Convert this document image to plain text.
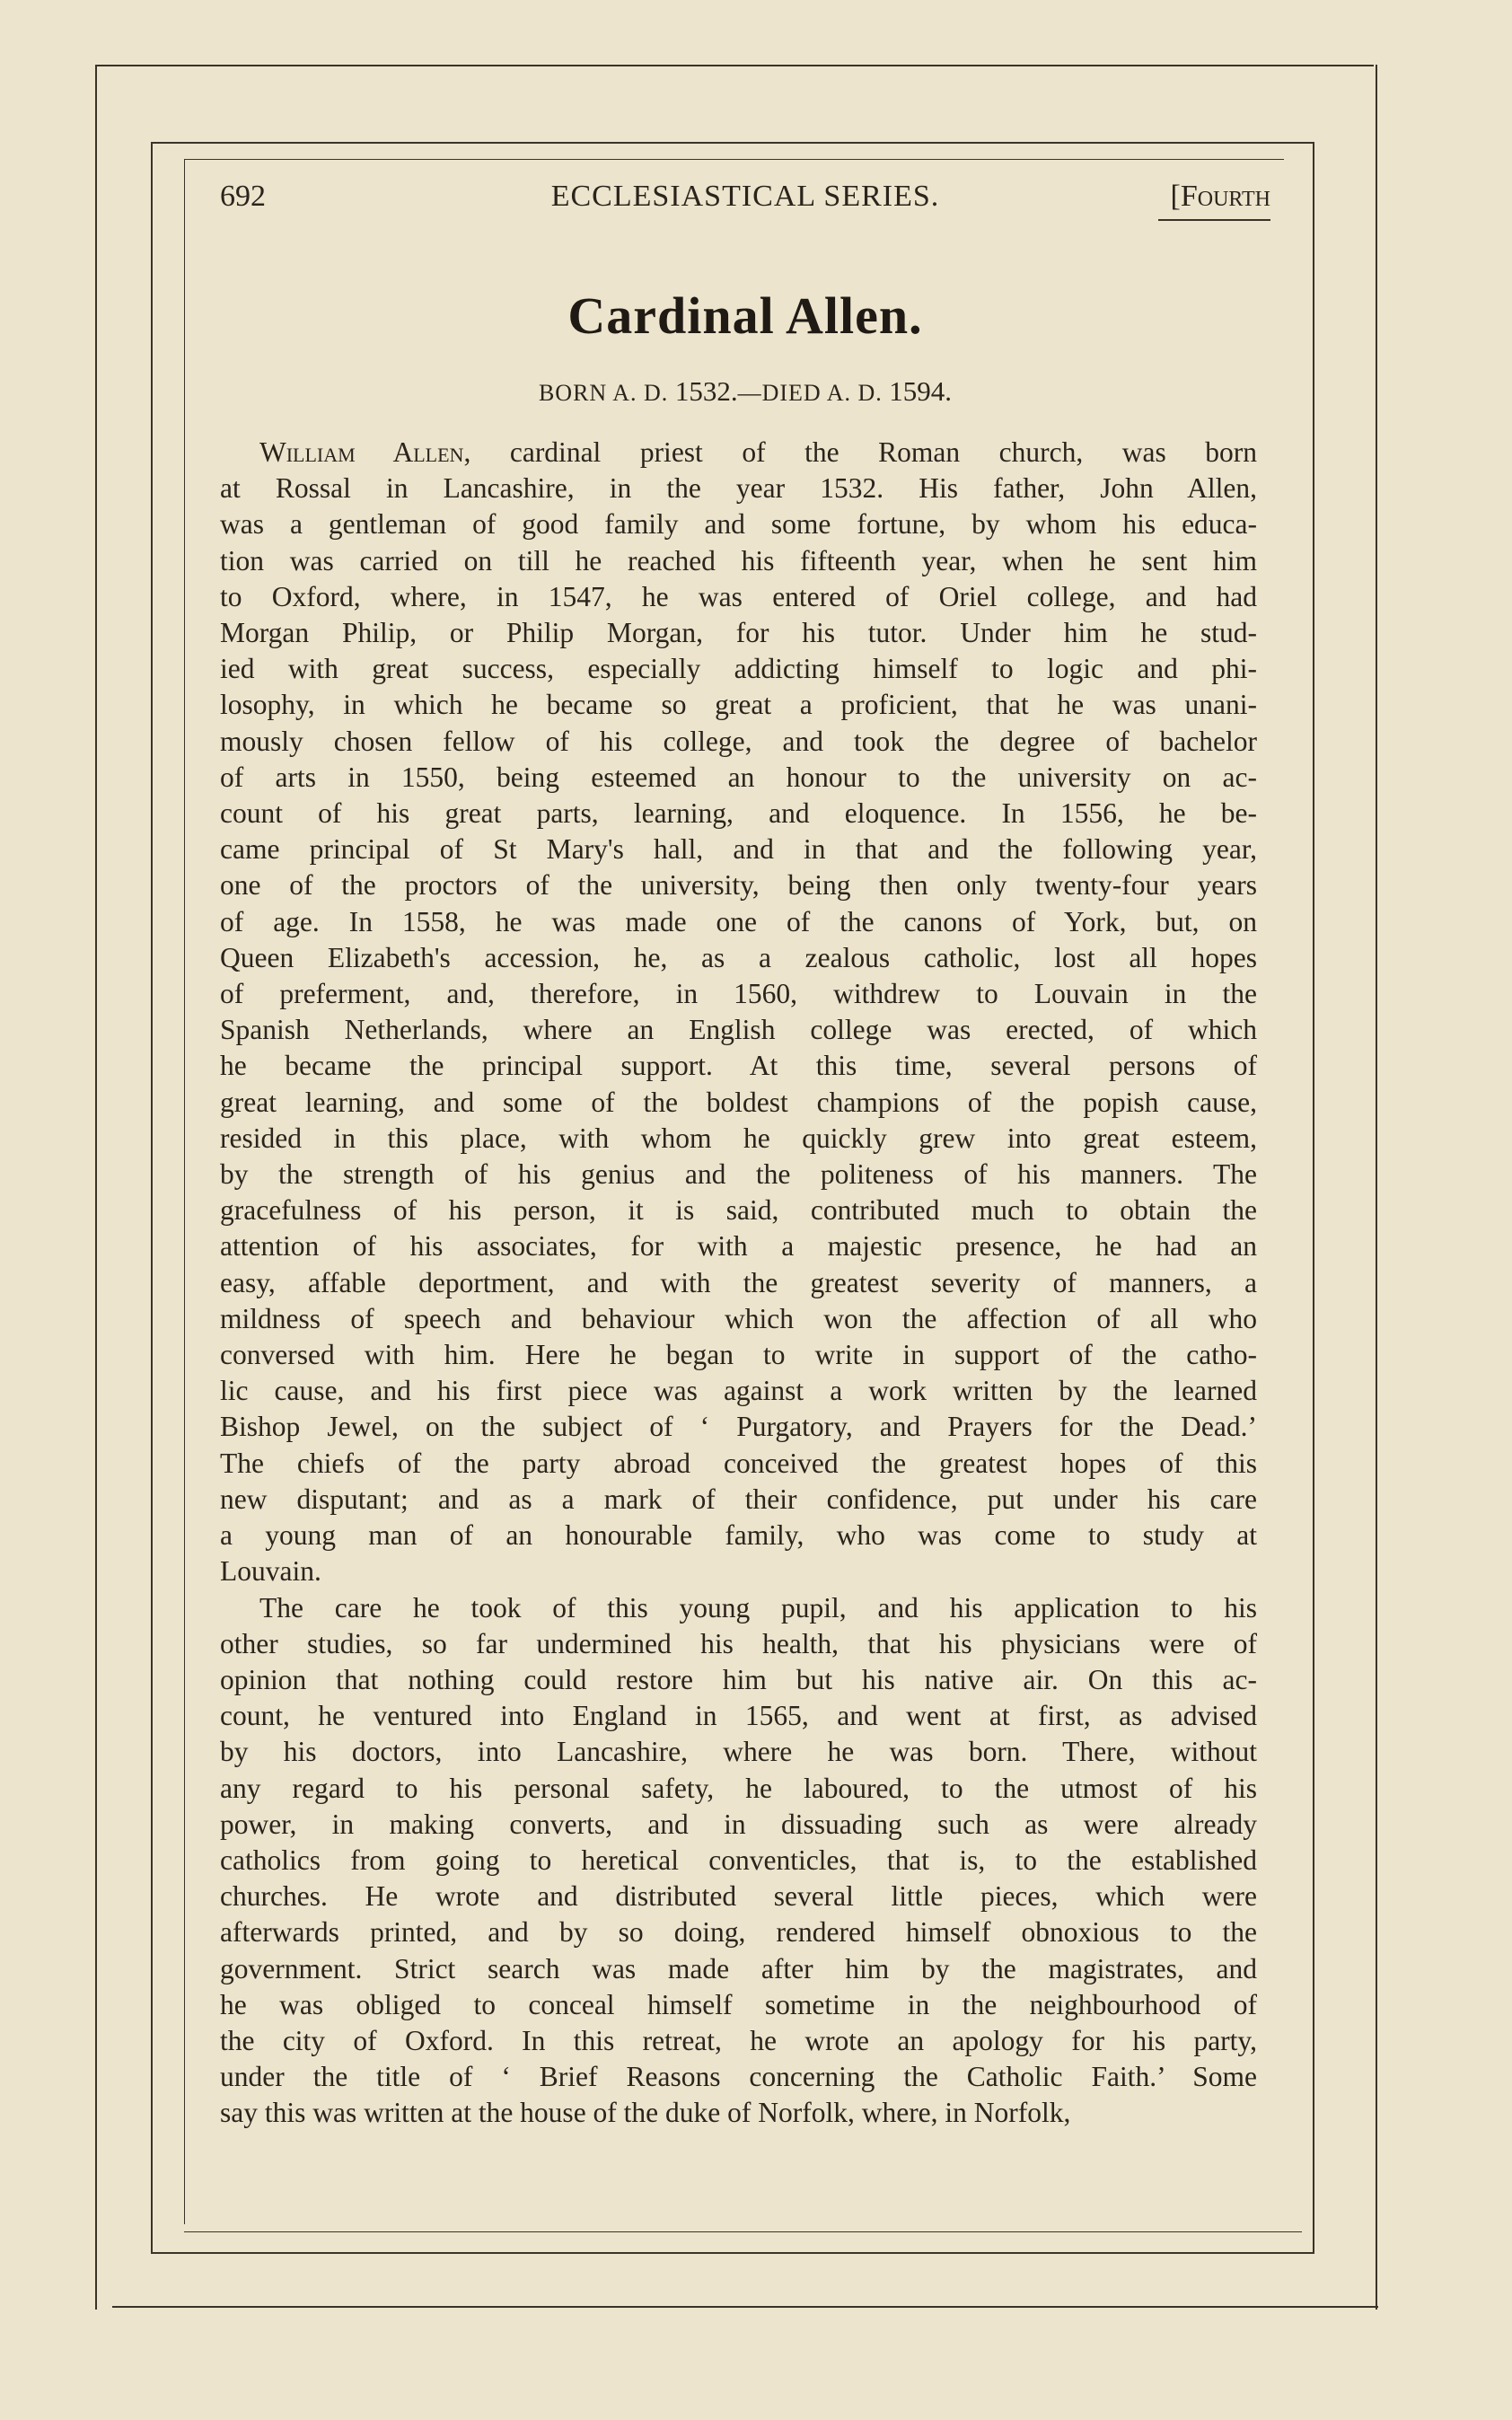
692	ECCLESIASTICAL SERIES.	[Fourth
Cardinal Allen.
BORN A. D. 1532.—DIED A. D. 1594.

William Allen, cardinal priest of the Roman church, was born
at Rossal in Lancashire, in the year 1532. His father, John Allen,
was a gentleman of good family and some fortune, by whom his educa-
tion was carried on till he reached his fifteenth year, when he sent him
to Oxford, where, in 1547, he was entered of Oriel college, and had
Morgan Philip, or Philip Morgan, for his tutor. Under him he stud-
ied with great success, especially addicting himself to logic and phi-
losophy, in which he became so great a proficient, that he was unani-
mously chosen fellow of his college, and took the degree of bachelor
of arts in 1550, being esteemed an honour to the university on ac-
count of his great parts, learning, and eloquence. In 1556, he be-
came principal of St Mary's hall, and in that and the following year,
one of the proctors of the university, being then only twenty-four years
of age. In 1558, he was made one of the canons of York, but, on
Queen Elizabeth's accession, he, as a zealous catholic, lost all hopes
of preferment, and, therefore, in 1560, withdrew to Louvain in the
Spanish Netherlands, where an English college was erected, of which
he became the principal support. At this time, several persons of
great learning, and some of the boldest champions of the popish cause,
resided in this place, with whom he quickly grew into great esteem,
by the strength of his genius and the politeness of his manners. The
gracefulness of his person, it is said, contributed much to obtain the
attention of his associates, for with a majestic presence, he had an
easy, affable deportment, and with the greatest severity of manners, a
mildness of speech and behaviour which won the affection of all who
conversed with him. Here he began to write in support of the catho-
lic cause, and his first piece was against a work written by the learned
Bishop Jewel, on the subject of ‘ Purgatory, and Prayers for the Dead.’
The chiefs of the party abroad conceived the greatest hopes of this
new disputant; and as a mark of their confidence, put under his care
a young man of an honourable family, who was come to study at
Louvain.

The care he took of this young pupil, and his application to his
other studies, so far undermined his health, that his physicians were of
opinion that nothing could restore him but his native air. On this ac-
count, he ventured into England in 1565, and went at first, as advised
by his doctors, into Lancashire, where he was born. There, without
any regard to his personal safety, he laboured, to the utmost of his
power, in making converts, and in dissuading such as were already
catholics from going to heretical conventicles, that is, to the established
churches. He wrote and distributed several little pieces, which were
afterwards printed, and by so doing, rendered himself obnoxious to the
government. Strict search was made after him by the magistrates, and
he was obliged to conceal himself sometime in the neighbourhood of
the city of Oxford. In this retreat, he wrote an apology for his party,
under the title of ‘ Brief Reasons concerning the Catholic Faith.’ Some
say this was written at the house of the duke of Norfolk, where, in Norfolk,
